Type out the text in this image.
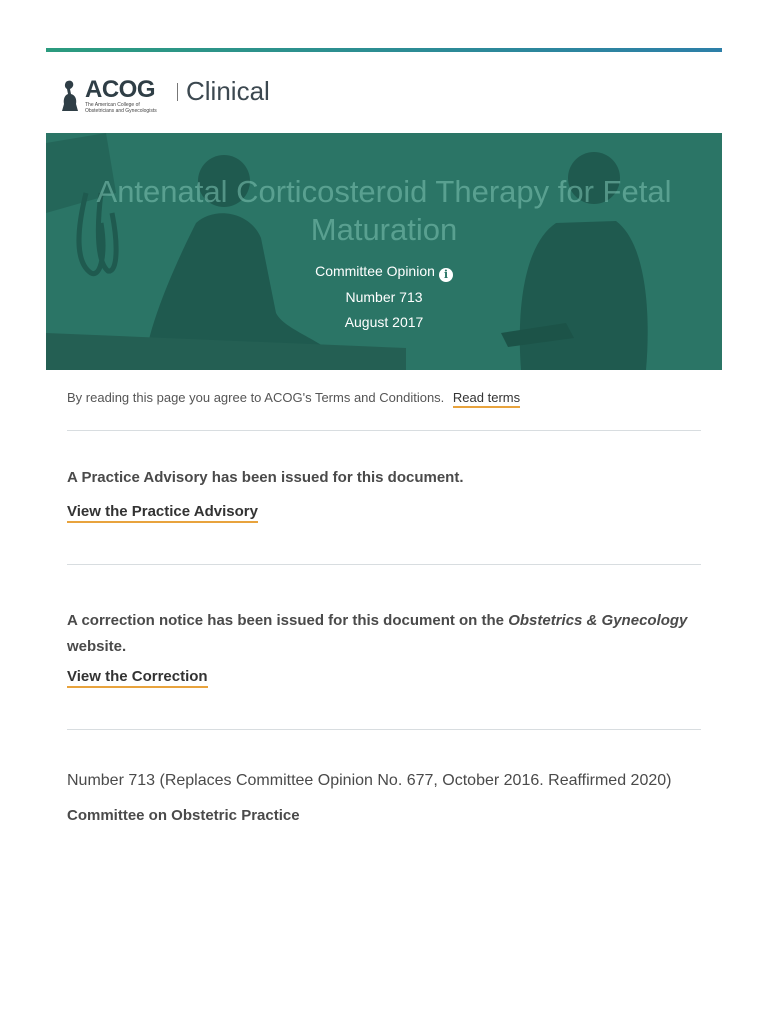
ACOG
The American College of Obstetricians and Gynecologists
Clinical
Antenatal Corticosteroid Therapy for Fetal Maturation
Committee Opinion i
Number 713
August 2017
By reading this page you agree to ACOG's Terms and Conditions. Read terms
A Practice Advisory has been issued for this document.
View the Practice Advisory
A correction notice has been issued for this document on the Obstetrics & Gynecology
website.
View the Correction
Number 713 (Replaces Committee Opinion No. 677, October 2016. Reaffirmed 2020)
Committee on Obstetric Practice
